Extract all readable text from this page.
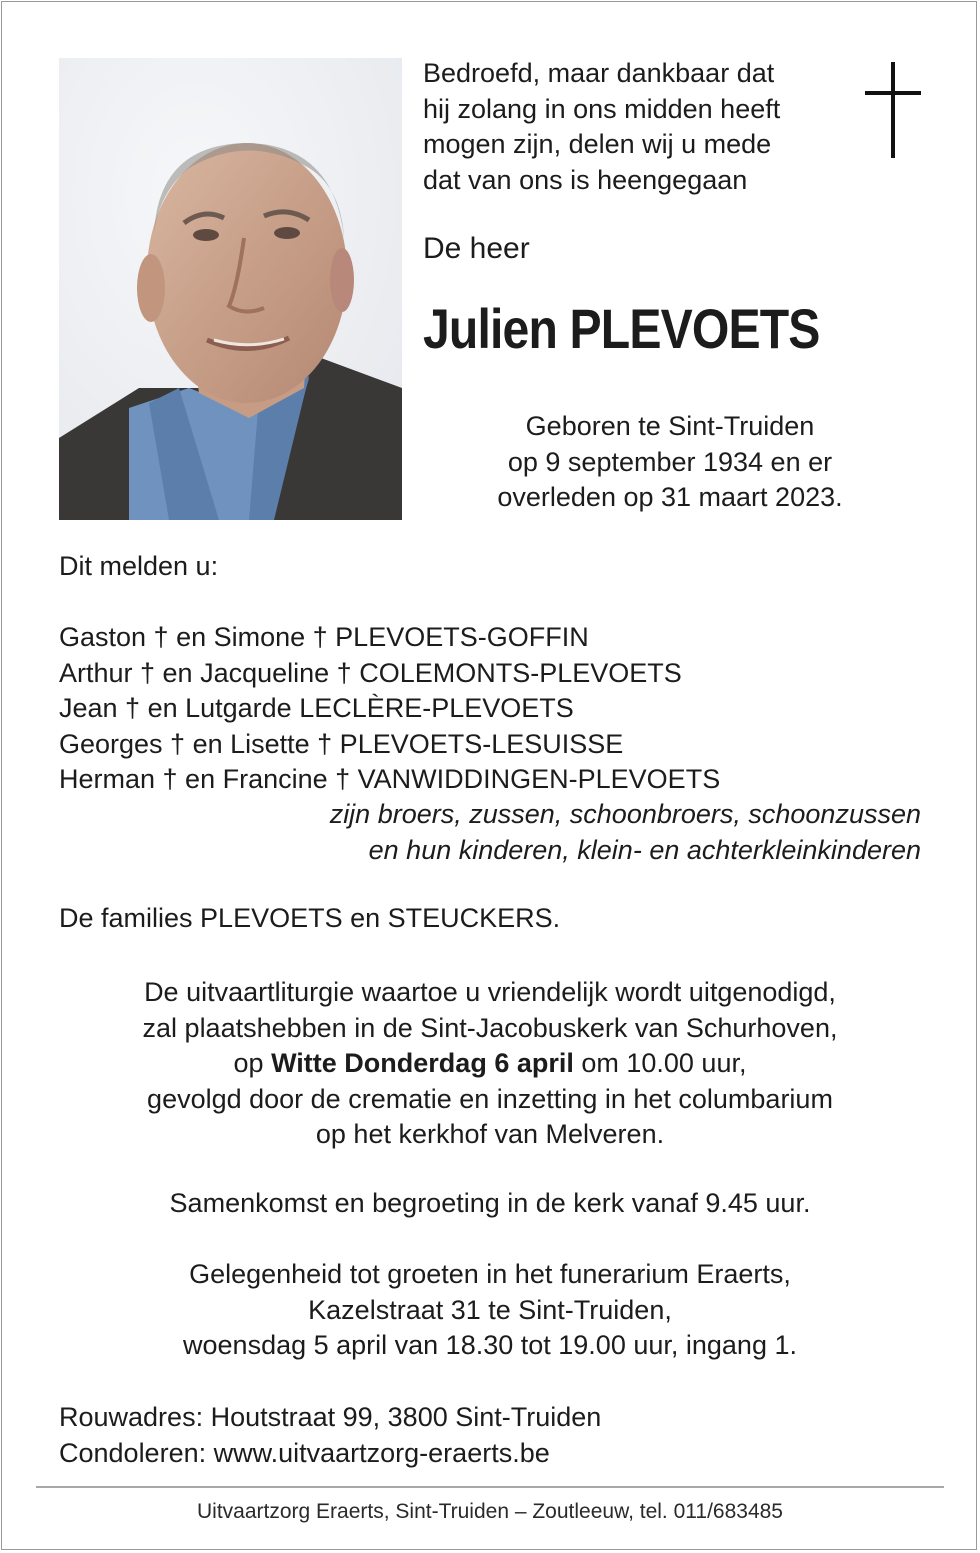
Bedroefd, maar dankbaar dat
hij zolang in ons midden heeft
mogen zijn, delen wij u mede
dat van ons is heengegaan

De heer

Julien PLEVOETS

Geboren te Sint-Truiden
op 9 september 1934 en er
overleden op 31 maart 2023.

Dit melden u:

Gaston † en Simone † PLEVOETS-GOFFIN
Arthur † en Jacqueline † COLEMONTS-PLEVOETS
Jean † en Lutgarde LECLÈRE-PLEVOETS
Georges † en Lisette † PLEVOETS-LESUISSE
Herman † en Francine † VANWIDDINGEN-PLEVOETS

zijn broers, zussen, schoonbroers, schoonzussen
en hun kinderen, klein- en achterkleinkinderen

De families PLEVOETS en STEUCKERS.

De uitvaartliturgie waartoe u vriendelijk wordt uitgenodigd,
zal plaatshebben in de Sint-Jacobuskerk van Schurhoven,
op Witte Donderdag 6 april om 10.00 uur,
gevolgd door de crematie en inzetting in het columbarium
op het kerkhof van Melveren.

Samenkomst en begroeting in de kerk vanaf 9.45 uur.

Gelegenheid tot groeten in het funerarium Eraerts,
Kazelstraat 31 te Sint-Truiden,
woensdag 5 april van 18.30 tot 19.00 uur, ingang 1.

Rouwadres: Houtstraat 99, 3800 Sint-Truiden
Condoleren: www.uitvaartzorg-eraerts.be

Uitvaartzorg Eraerts, Sint-Truiden – Zoutleeuw, tel. 011/683485
